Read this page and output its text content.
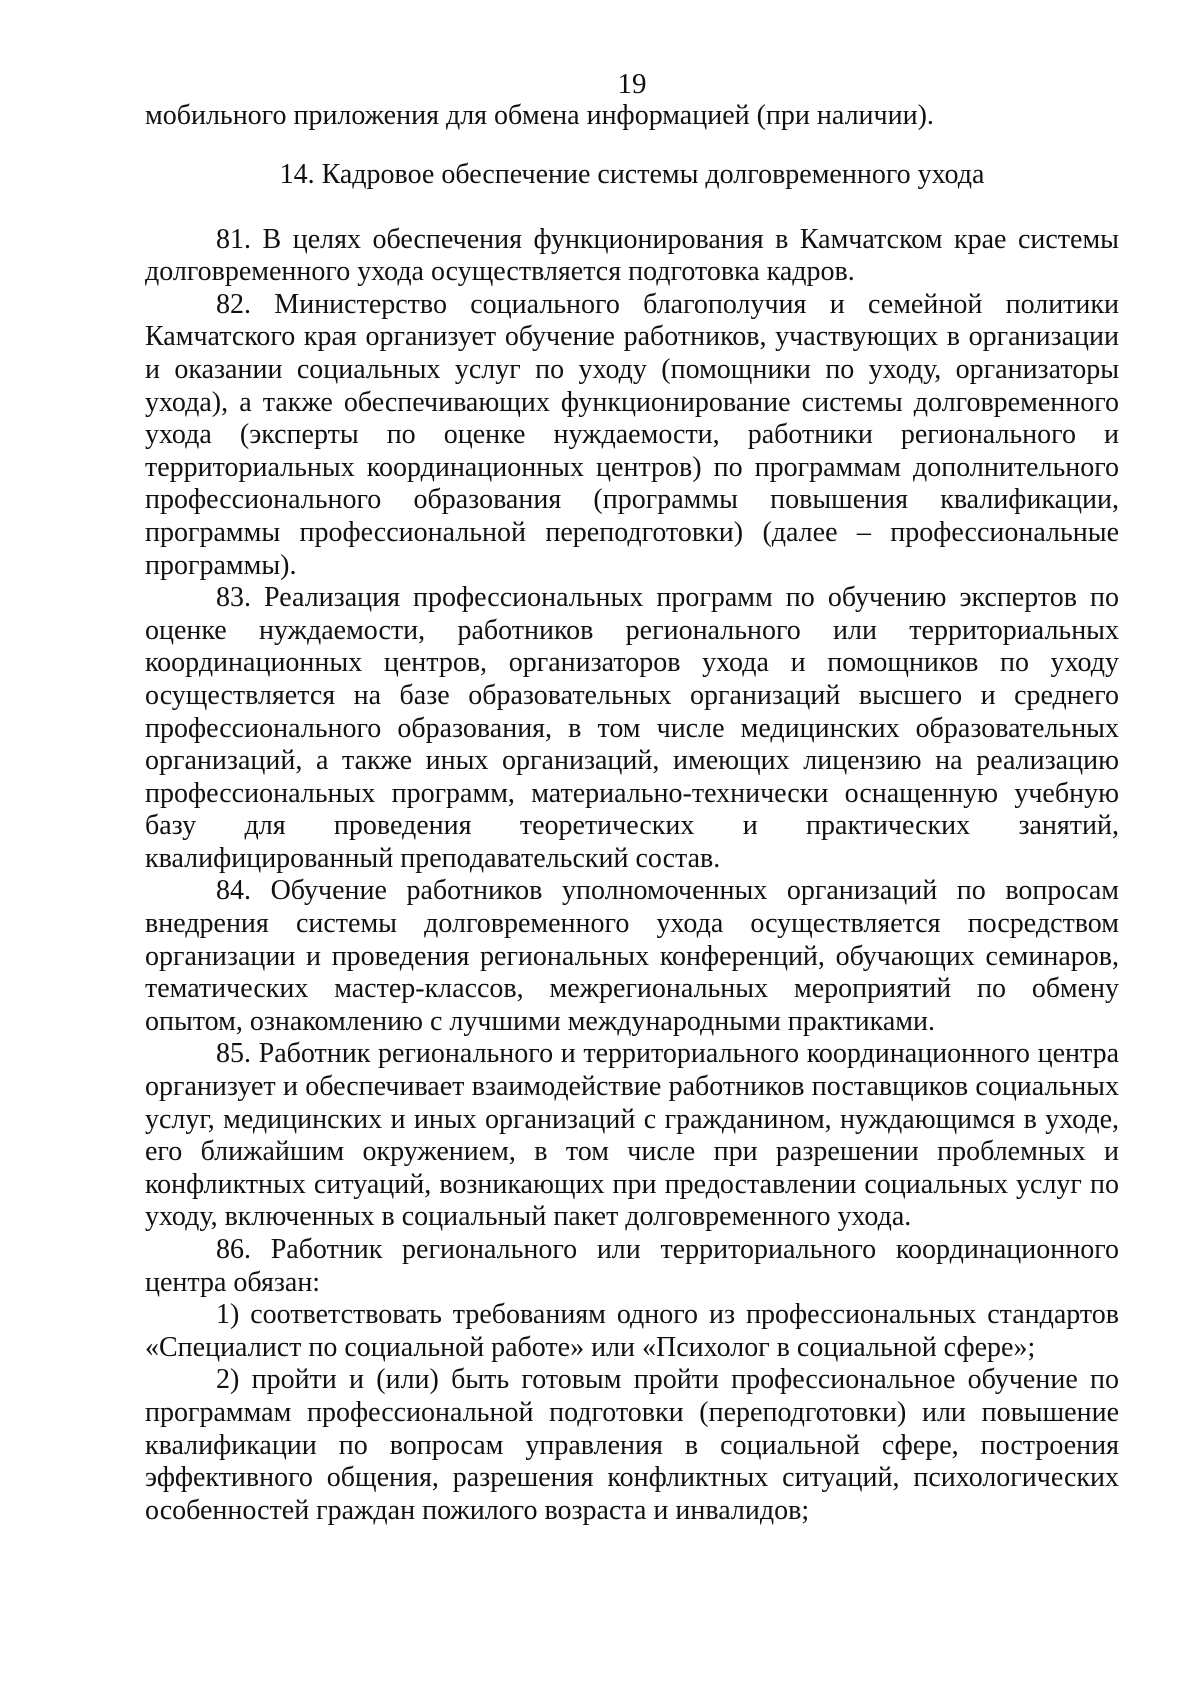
19

мобильного приложения для обмена информацией (при наличии).

14. Кадровое обеспечение системы долговременного ухода

81. В целях обеспечения функционирования в Камчатском крае системы долговременного ухода осуществляется подготовка кадров.

82. Министерство социального благополучия и семейной политики Камчатского края организует обучение работников, участвующих в организации и оказании социальных услуг по уходу (помощники по уходу, организаторы ухода), а также обеспечивающих функционирование системы долговременного ухода (эксперты по оценке нуждаемости, работники регионального и территориальных координационных центров) по программам дополнительного профессионального образования (программы повышения квалификации, программы профессиональной переподготовки) (далее – профессиональные программы).

83. Реализация профессиональных программ по обучению экспертов по оценке нуждаемости, работников регионального или территориальных координационных центров, организаторов ухода и помощников по уходу осуществляется на базе образовательных организаций высшего и среднего профессионального образования, в том числе медицинских образовательных организаций, а также иных организаций, имеющих лицензию на реализацию профессиональных программ, материально-технически оснащенную учебную базу для проведения теоретических и практических занятий, квалифицированный преподавательский состав.

84. Обучение работников уполномоченных организаций по вопросам внедрения системы долговременного ухода осуществляется посредством организации и проведения региональных конференций, обучающих семинаров, тематических мастер-классов, межрегиональных мероприятий по обмену опытом, ознакомлению с лучшими международными практиками.

85. Работник регионального и территориального координационного центра организует и обеспечивает взаимодействие работников поставщиков социальных услуг, медицинских и иных организаций с гражданином, нуждающимся в уходе, его ближайшим окружением, в том числе при разрешении проблемных и конфликтных ситуаций, возникающих при предоставлении социальных услуг по уходу, включенных в социальный пакет долговременного ухода.

86. Работник регионального или территориального координационного центра обязан:

1) соответствовать требованиям одного из профессиональных стандартов «Специалист по социальной работе» или «Психолог в социальной сфере»;

2) пройти и (или) быть готовым пройти профессиональное обучение по программам профессиональной подготовки (переподготовки) или повышение квалификации по вопросам управления в социальной сфере, построения эффективного общения, разрешения конфликтных ситуаций, психологических особенностей граждан пожилого возраста и инвалидов;
